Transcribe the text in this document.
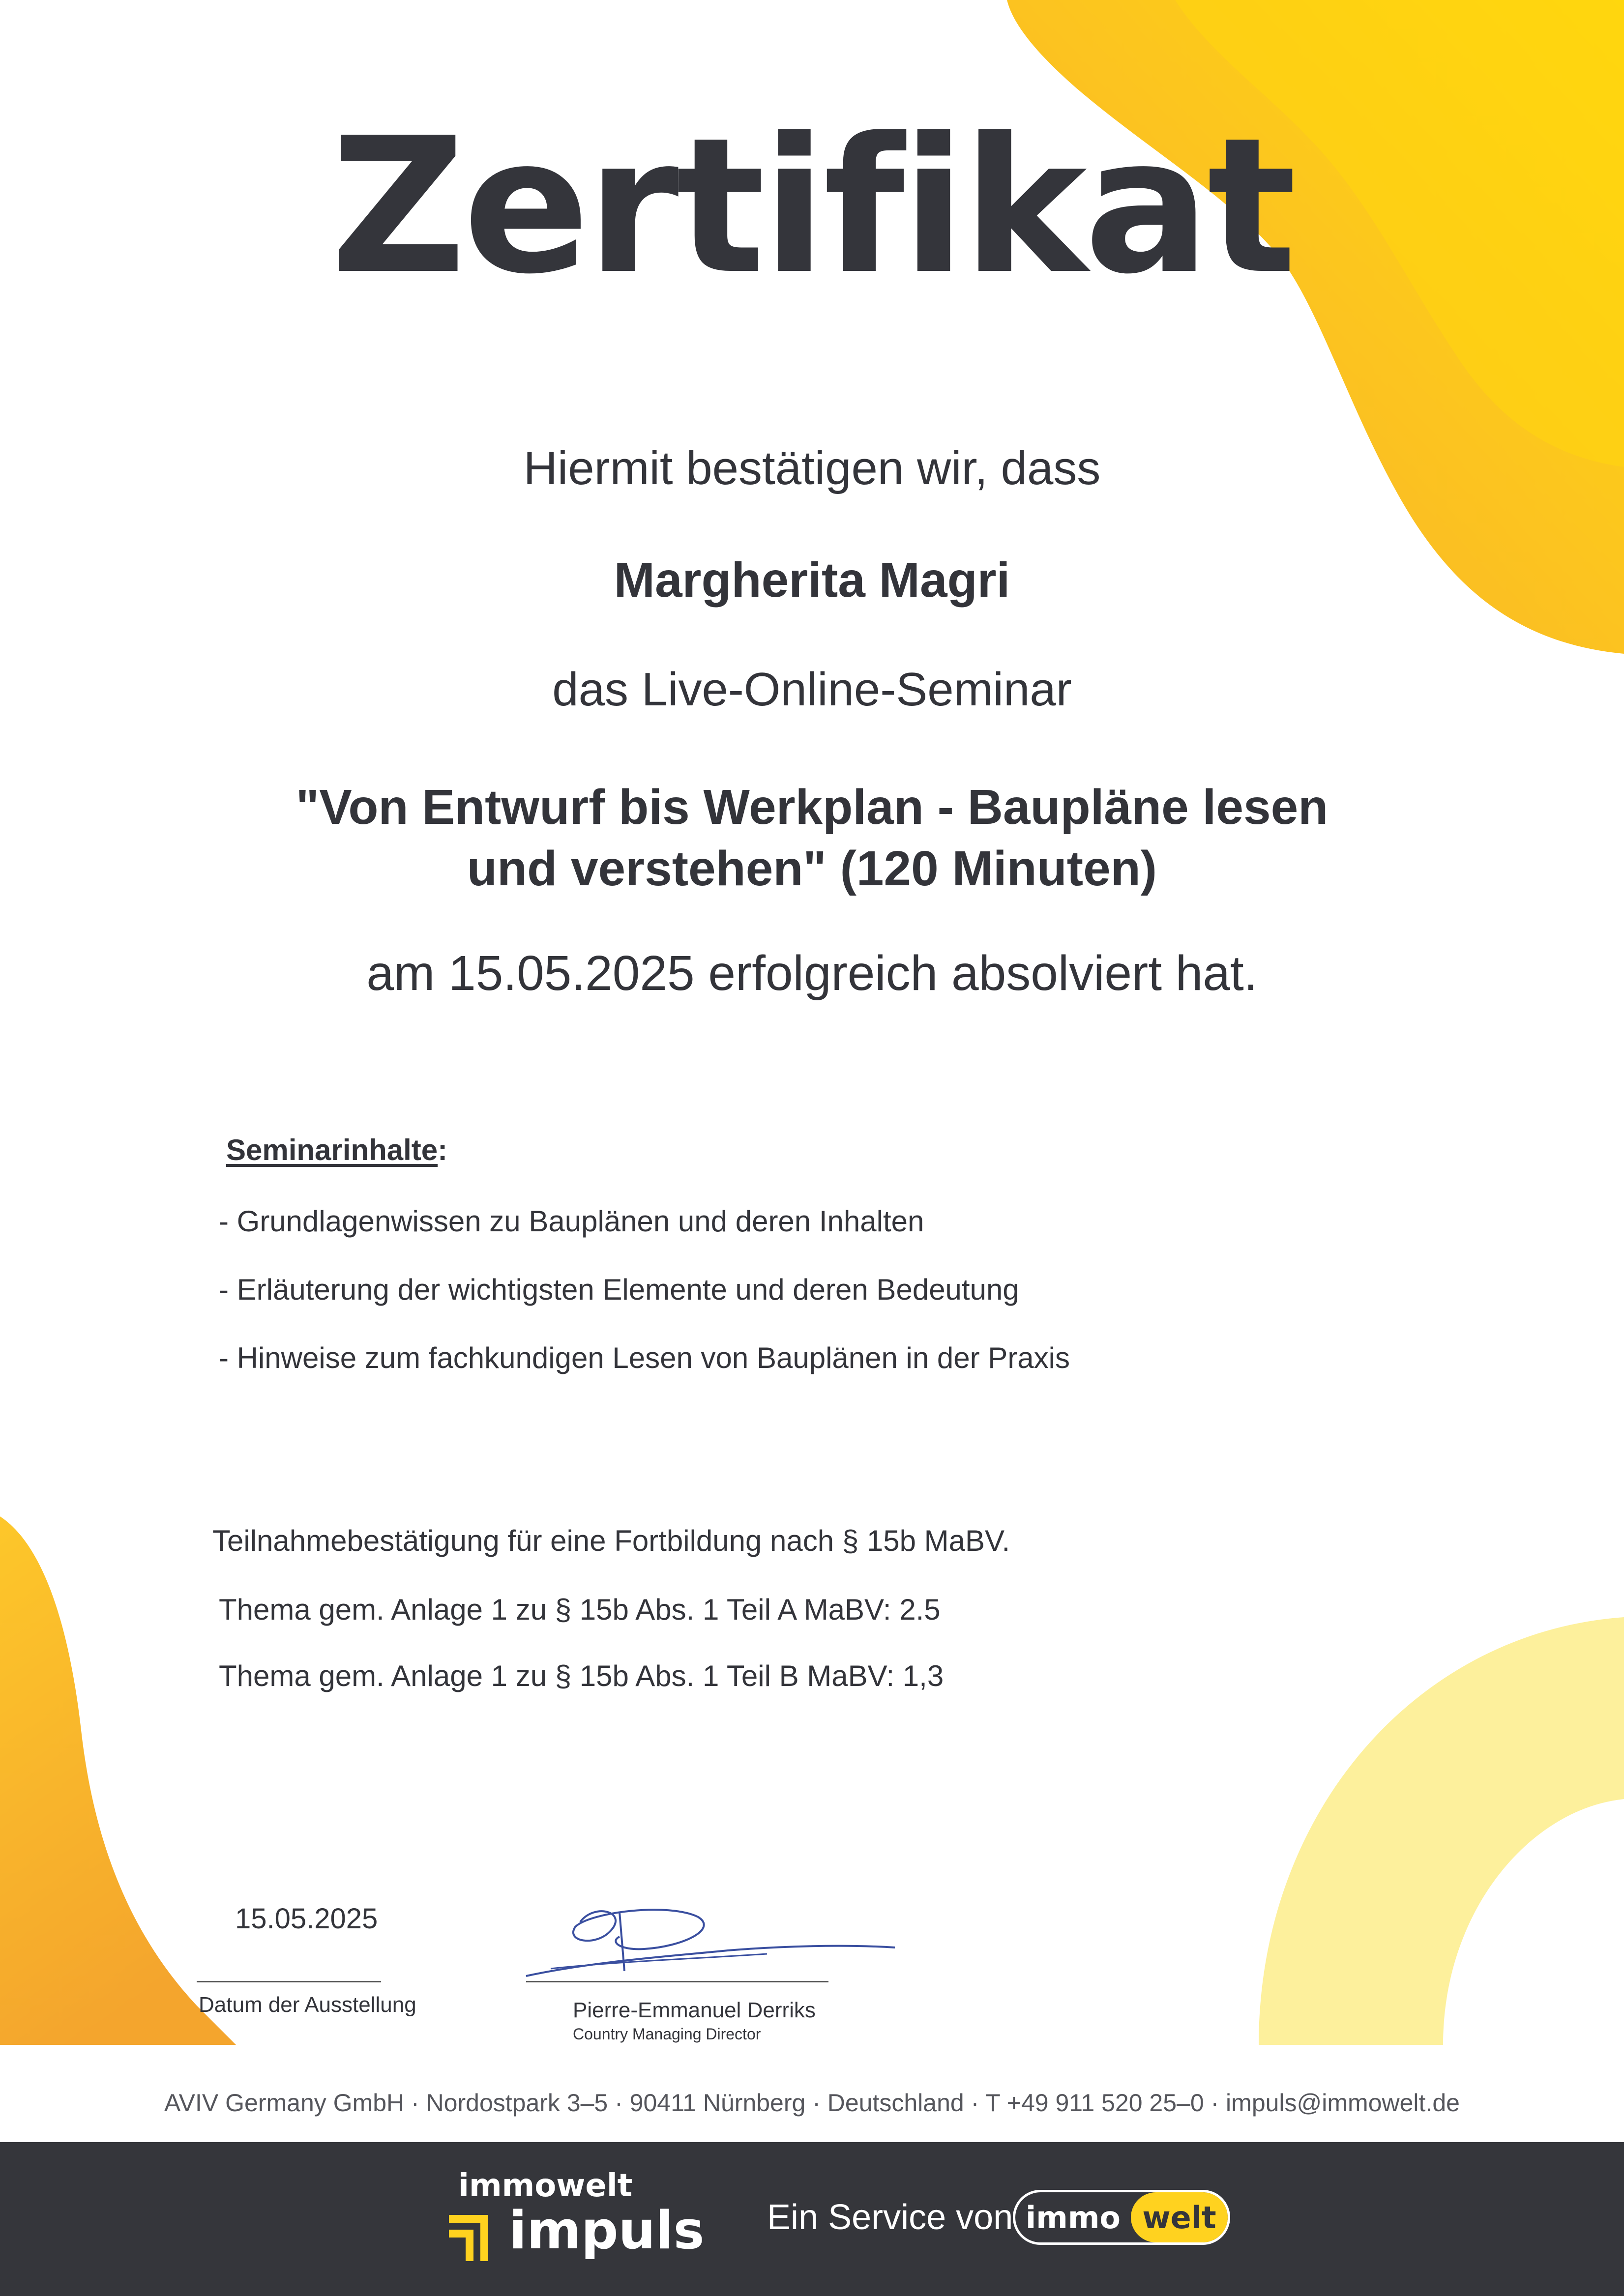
Zertifikat
Hiermit bestätigen wir, dass
Margherita Magri
das Live-Online-Seminar
"Von Entwurf bis Werkplan - Baupläne lesen
und verstehen" (120 Minuten)
am 15.05.2025 erfolgreich absolviert hat.
Seminarinhalte:
- Grundlagenwissen zu Bauplänen und deren Inhalten
- Erläuterung der wichtigsten Elemente und deren Bedeutung
- Hinweise zum fachkundigen Lesen von Bauplänen in der Praxis
Teilnahmebestätigung für eine Fortbildung nach § 15b MaBV.
Thema gem. Anlage 1 zu § 15b Abs. 1 Teil A MaBV: 2.5
Thema gem. Anlage 1 zu § 15b Abs. 1 Teil B MaBV: 1,3
15.05.2025
Datum der Ausstellung	Pierre-Emmanuel Derriks
Country Managing Director
AVIV Germany GmbH · Nordostpark 3–5 · 90411 Nürnberg · Deutschland · T +49 911 520 25–0 · impuls@immowelt.de
immowelt
impuls Ein Service von immo welt
